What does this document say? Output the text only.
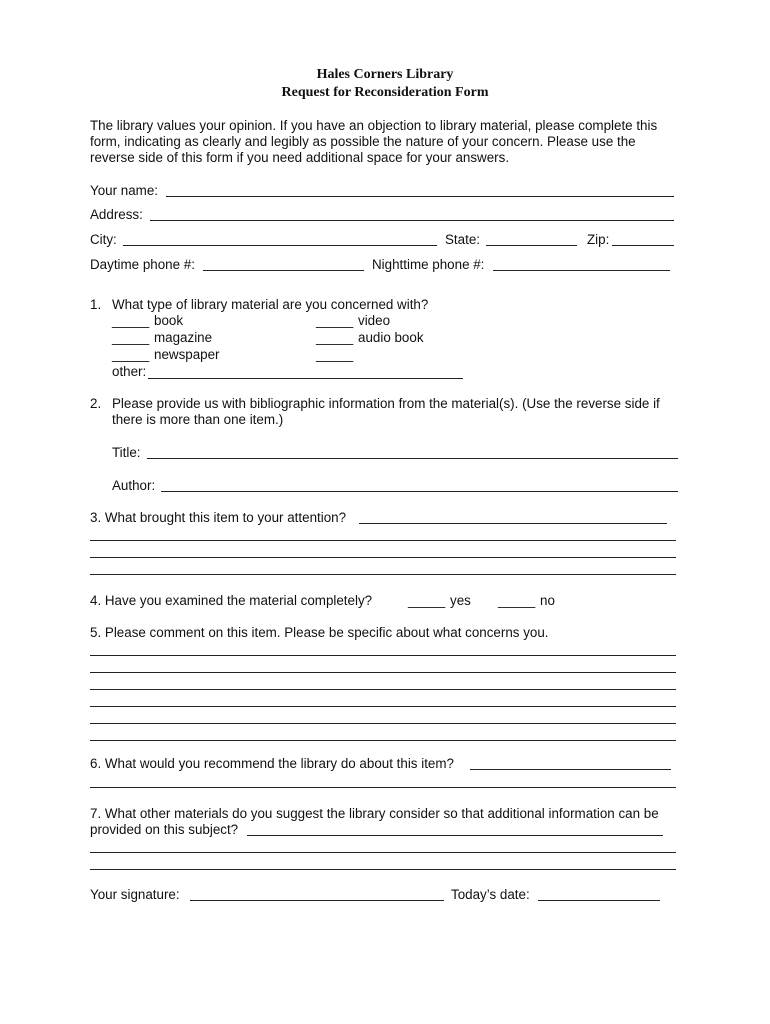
Hales Corners Library
Request for Reconsideration Form
The library values your opinion. If you have an objection to library material, please complete this
form, indicating as clearly and legibly as possible the nature of your concern. Please use the
reverse side of this form if you need additional space for your answers.
Your name:
Address:
City:	State:	Zip:
Daytime phone #:	Nighttime phone #:
1. What type of library material are you concerned with?
_____ book	_____ video
_____ magazine	_____ audio book
_____ newspaper	_____
other:
2. Please provide us with bibliographic information from the material(s). (Use the reverse side if
there is more than one item.)
Title:
Author:
3. What brought this item to your attention?
4. Have you examined the material completely?	_____ yes _____ no
5. Please comment on this item. Please be specific about what concerns you.
6. What would you recommend the library do about this item?
7. What other materials do you suggest the library consider so that additional information can be
provided on this subject?
Your signature:	Today’s date:
